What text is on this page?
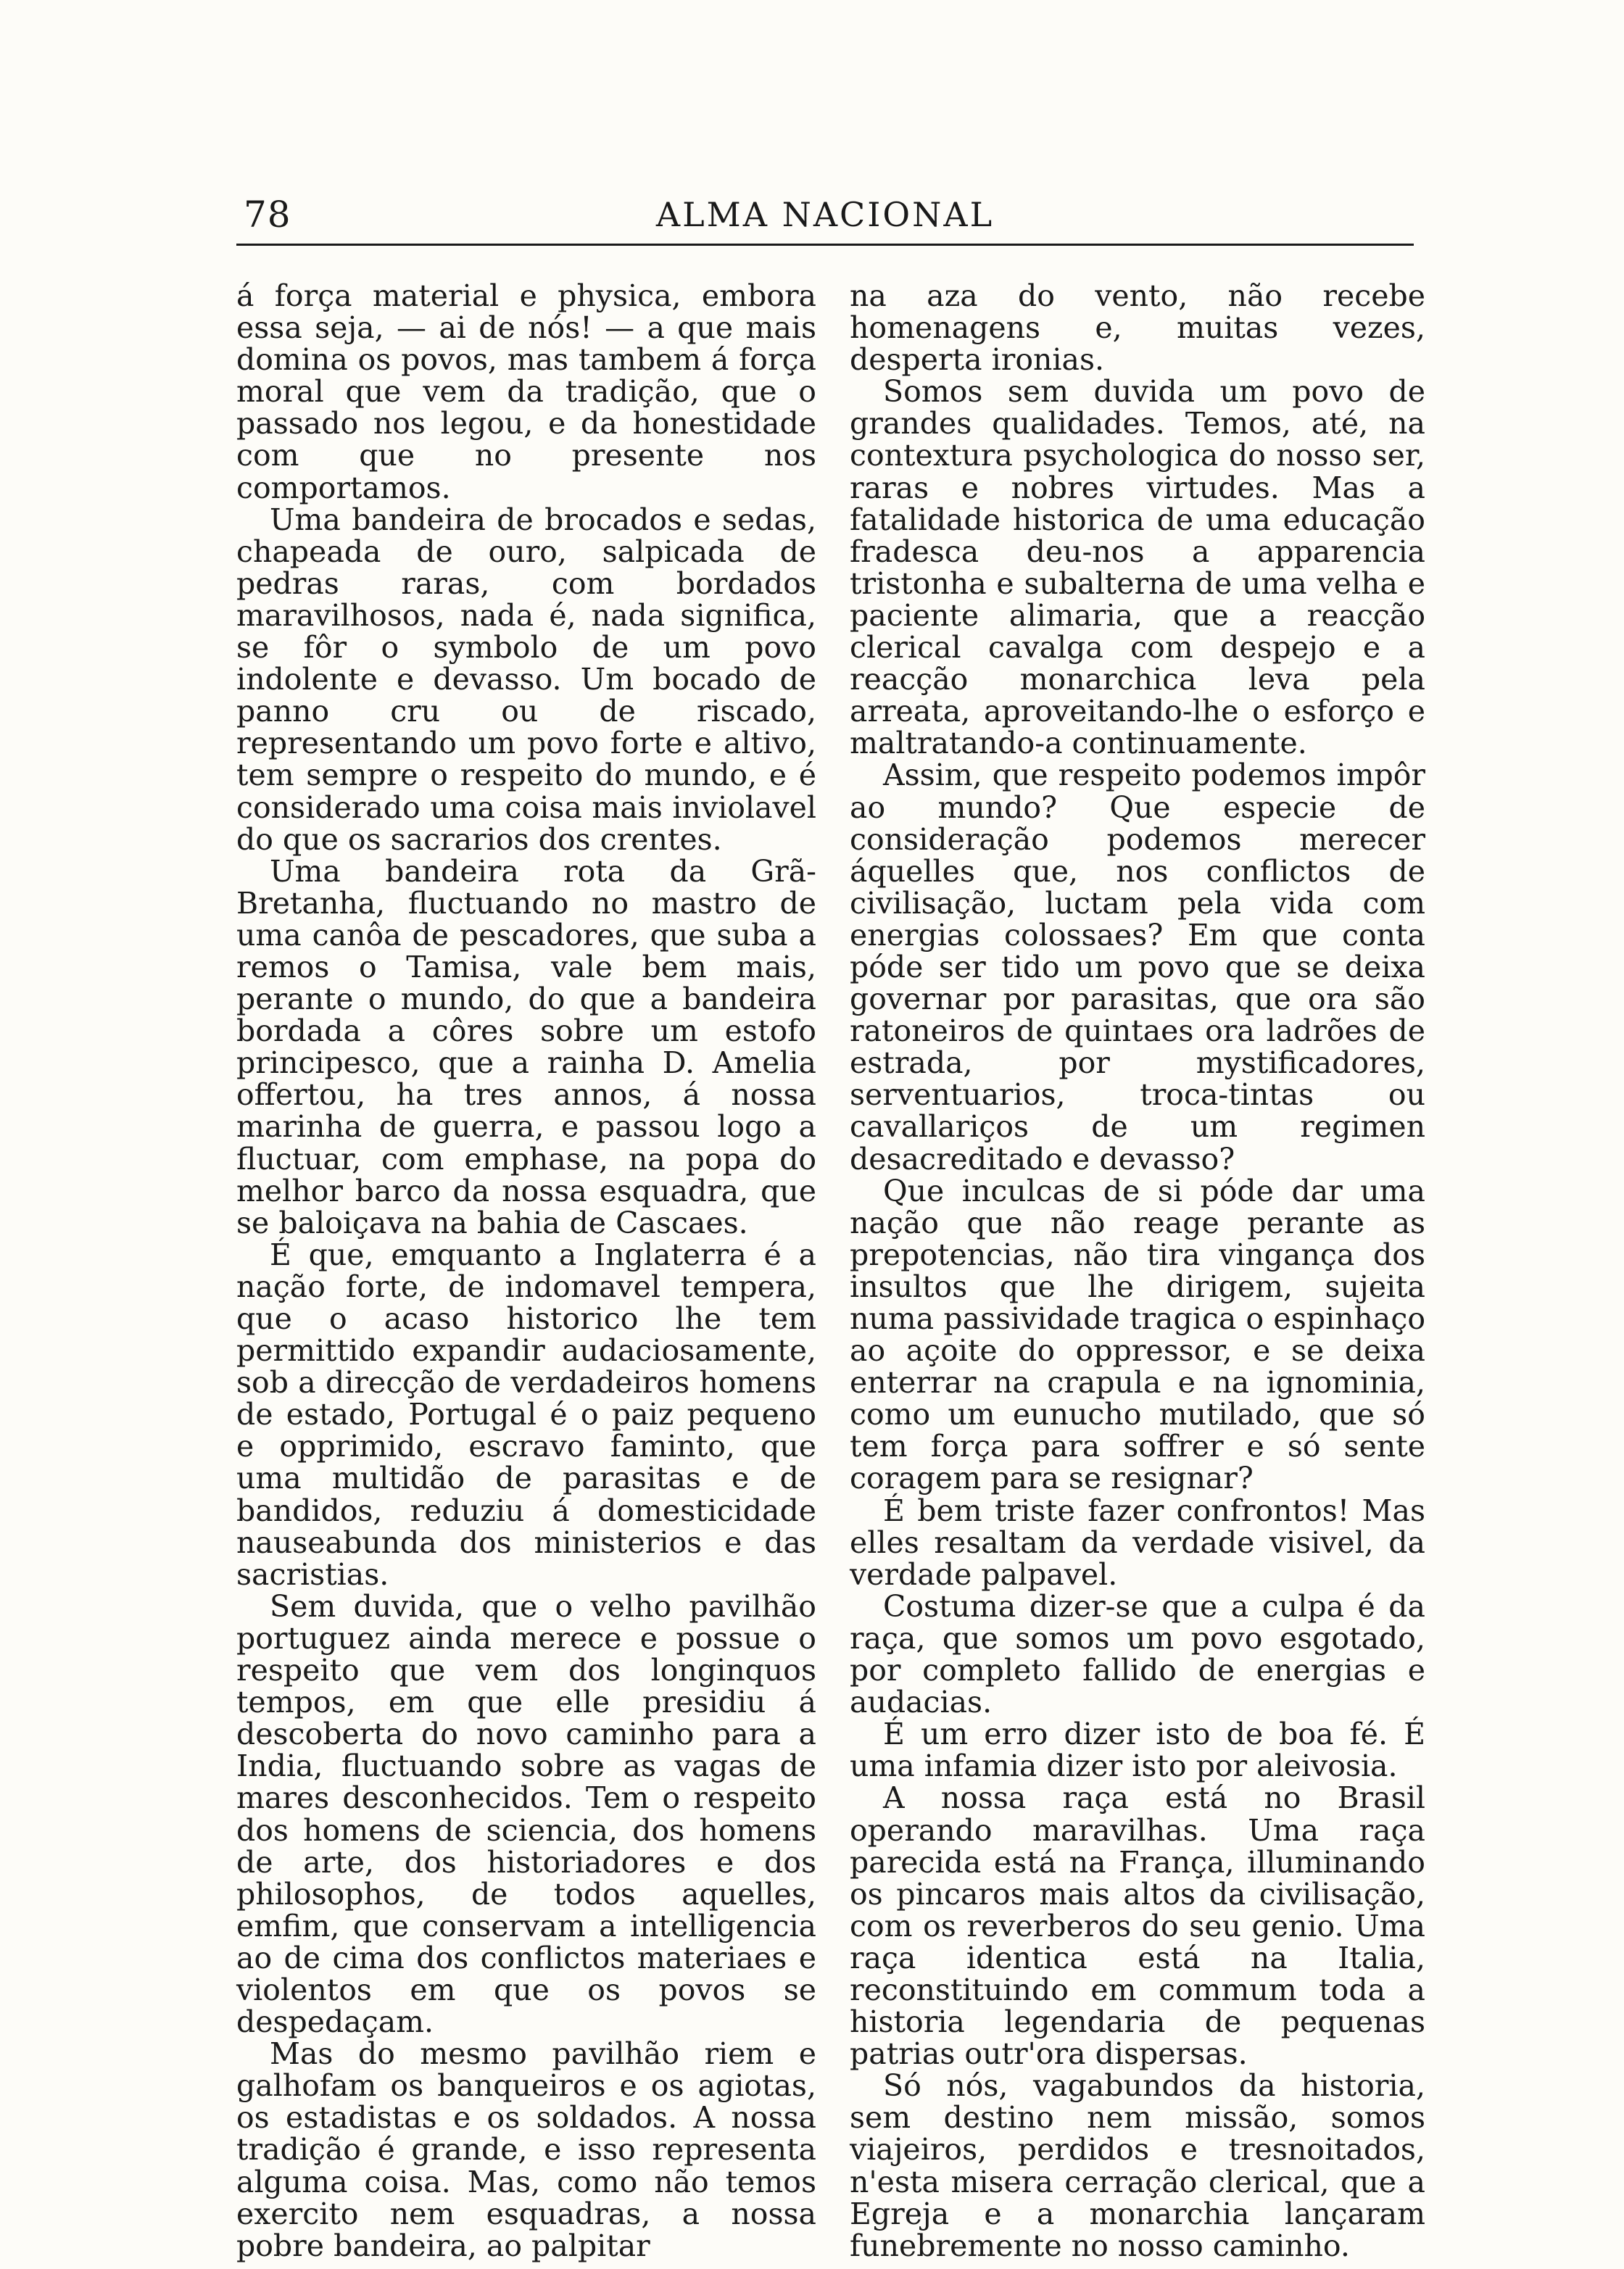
78	ALMA NACIONAL

á força material e physica, embora essa seja, — ai de nós! — a que mais domina os povos, mas tambem á força moral que vem da tradição, que o passado nos legou, e da honestidade com que no presente nos comportamos.

Uma bandeira de brocados e sedas, chapeada de ouro, salpicada de pedras raras, com bordados maravilhosos, nada é, nada significa, se fôr o symbolo de um povo indolente e devasso. Um bocado de panno cru ou de riscado, representando um povo forte e altivo, tem sempre o respeito do mundo, e é considerado uma coisa mais inviolavel do que os sacrarios dos crentes.

Uma bandeira rota da Grã-Bretanha, fluctuando no mastro de uma canôa de pescadores, que suba a remos o Tamisa, vale bem mais, perante o mundo, do que a bandeira bordada a côres sobre um estofo principesco, que a rainha D. Amelia offertou, ha tres annos, á nossa marinha de guerra, e passou logo a fluctuar, com emphase, na popa do melhor barco da nossa esquadra, que se baloiçava na bahia de Cascaes.

É que, emquanto a Inglaterra é a nação forte, de indomavel tempera, que o acaso historico lhe tem permittido expandir audaciosamente, sob a direcção de verdadeiros homens de estado, Portugal é o paiz pequeno e opprimido, escravo faminto, que uma multidão de parasitas e de bandidos, reduziu á domesticidade nauseabunda dos ministerios e das sacristias.

Sem duvida, que o velho pavilhão portuguez ainda merece e possue o respeito que vem dos longinquos tempos, em que elle presidiu á descoberta do novo caminho para a India, fluctuando sobre as vagas de mares desconhecidos. Tem o respeito dos homens de sciencia, dos homens de arte, dos historiadores e dos philosophos, de todos aquelles, emfim, que conservam a intelligencia ao de cima dos conflictos materiaes e violentos em que os povos se despedaçam.

Mas do mesmo pavilhão riem e galhofam os banqueiros e os agiotas, os estadistas e os soldados. A nossa tradição é grande, e isso representa alguma coisa. Mas, como não temos exercito nem esquadras, a nossa pobre bandeira, ao palpitar

na aza do vento, não recebe homenagens e, muitas vezes, desperta ironias.

Somos sem duvida um povo de grandes qualidades. Temos, até, na contextura psychologica do nosso ser, raras e nobres virtudes. Mas a fatalidade historica de uma educação fradesca deu-nos a apparencia tristonha e subalterna de uma velha e paciente alimaria, que a reacção clerical cavalga com despejo e a reacção monarchica leva pela arreata, aproveitando-lhe o esforço e maltratando-a continuamente.

Assim, que respeito podemos impôr ao mundo? Que especie de consideração podemos merecer áquelles que, nos conflictos de civilisação, luctam pela vida com energias colossaes? Em que conta póde ser tido um povo que se deixa governar por parasitas, que ora são ratoneiros de quintaes ora ladrões de estrada, por mystificadores, serventuarios, troca-tintas ou cavallariços de um regimen desacreditado e devasso?

Que inculcas de si póde dar uma nação que não reage perante as prepotencias, não tira vingança dos insultos que lhe dirigem, sujeita numa passividade tragica o espinhaço ao açoite do oppressor, e se deixa enterrar na crapula e na ignominia, como um eunucho mutilado, que só tem força para soffrer e só sente coragem para se resignar?

É bem triste fazer confrontos! Mas elles resaltam da verdade visivel, da verdade palpavel.

Costuma dizer-se que a culpa é da raça, que somos um povo esgotado, por completo fallido de energias e audacias.

É um erro dizer isto de boa fé. É uma infamia dizer isto por aleivosia.

A nossa raça está no Brasil operando maravilhas. Uma raça parecida está na França, illuminando os pincaros mais altos da civilisação, com os reverberos do seu genio. Uma raça identica está na Italia, reconstituindo em commum toda a historia legendaria de pequenas patrias outr'ora dispersas.

Só nós, vagabundos da historia, sem destino nem missão, somos viajeiros, perdidos e tresnoitados, n'esta misera cerração clerical, que a Egreja e a monarchia lançaram funebremente no nosso caminho.
